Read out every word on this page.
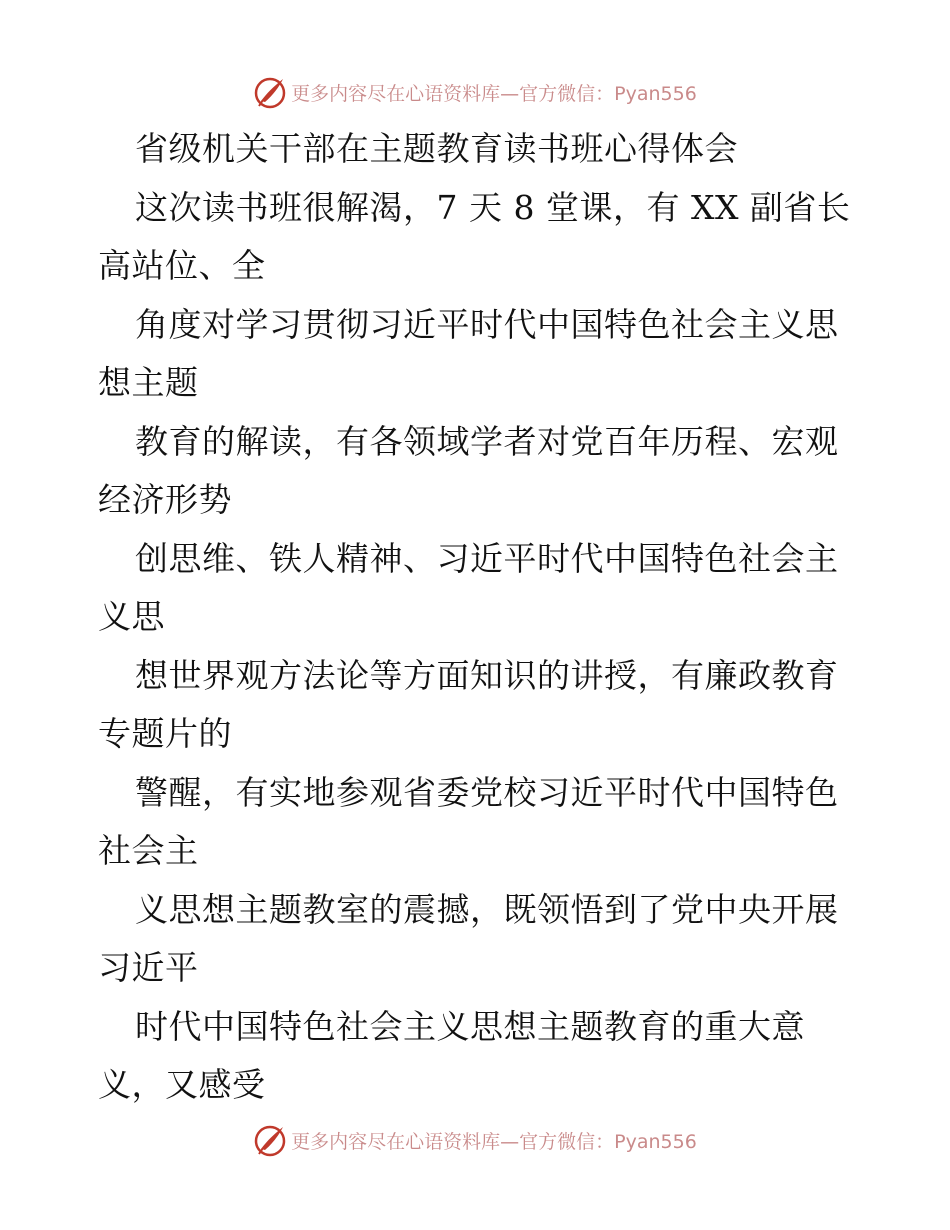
更多内容尽在心语资料库—官方微信：Pyan556
省级机关干部在主题教育读书班心得体会
这次读书班很解渴，7 天 8 堂课，有 XX 副省长
高站位、全
角度对学习贯彻习近平时代中国特色社会主义思
想主题
教育的解读，有各领域学者对党百年历程、宏观
经济形势
创思维、铁人精神、习近平时代中国特色社会主
义思
想世界观方法论等方面知识的讲授，有廉政教育
专题片的
警醒，有实地参观省委党校习近平时代中国特色
社会主
义思想主题教室的震撼，既领悟到了党中央开展
习近平
时代中国特色社会主义思想主题教育的重大意
义，又感受
更多内容尽在心语资料库—官方微信：Pyan556
